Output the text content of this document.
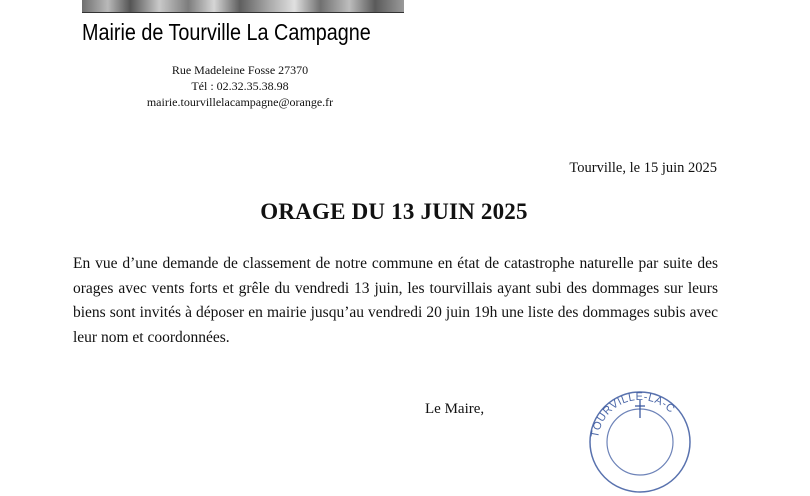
Mairie de Tourville La Campagne
Rue Madeleine Fosse 27370
Tél : 02.32.35.38.98
mairie.tourvillelacampagne@orange.fr
Tourville, le 15 juin 2025
ORAGE DU 13 JUIN 2025
En vue d’une demande de classement de notre commune en état de catastrophe naturelle par suite des orages avec vents forts et grêle du vendredi 13 juin, les tourvillais ayant subi des dommages sur leurs biens sont invités à déposer en mairie jusqu’au vendredi 20 juin 19h une liste des dommages subis avec leur nom et coordonnées.
Le Maire,
TOURVILLE-LA-C
